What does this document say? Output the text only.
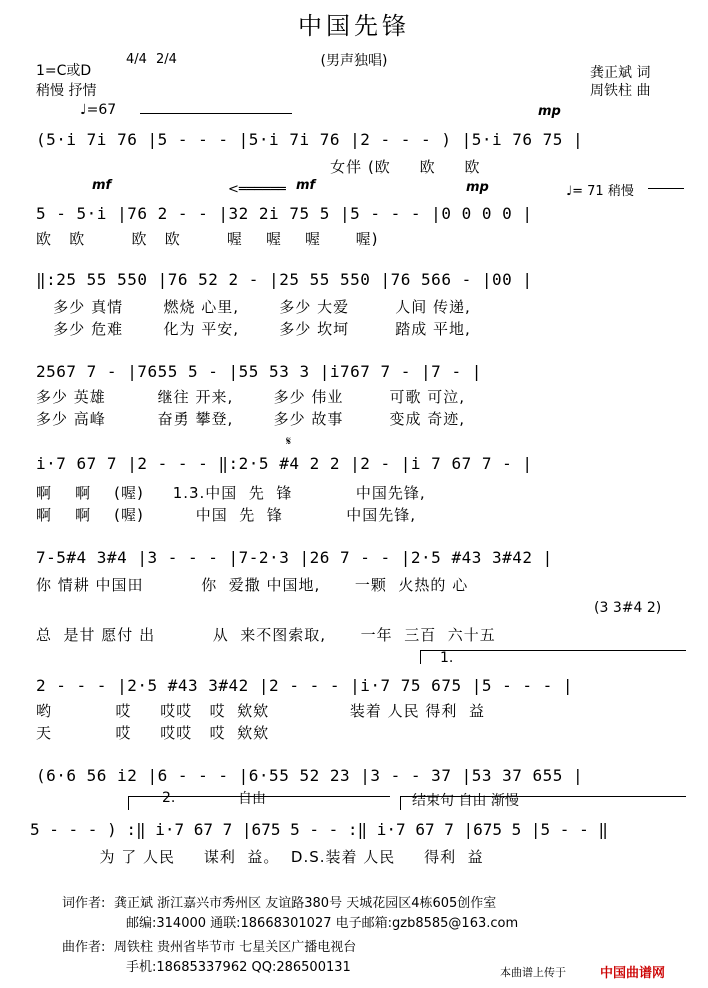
中国先锋
(男声独唱)
1=C或D
4/4 2/4
稍慢 抒情
龚正斌 词
周铁柱 曲
♩=67
(5·i 7i 76 |5 - - - |5·i 7i 76 |2 - - - ) |5·i 76 75 |
mp
女伴 (欧     欧     欧
mf	<══════ mf	mp	♩= 71 稍慢
5 - 5·i |76 2 - - |32 2i 75 5 |5 - - - |0 0 0 0 |
欧   欧        欧   欧        喔    喔    喔      喔)
‖:25 55 550 |76 52 2 - |25 55 550 |76 566 - |00 |
多少 真情       燃烧 心里,       多少 大爱        人间 传递,
多少 危难       化为 平安,       多少 坎坷        踏成 平地,
2567 7 - |7655 5 - |55 53 3 |i767 7 - |7 - |
多少 英雄         继往 开来,       多少 伟业        可歌 可泣,
多少 高峰         奋勇 攀登,       多少 故事        变成 奇迹,
𝄋
i·7 67 7 |2 - - - ‖:2·5 #4 2 2 |2 - |i 7 67 7 - |
啊    啊    (喔)     1.3.中国  先  锋           中国先锋,
啊    啊    (喔)         中国  先  锋           中国先锋,
7-5#4 3#4 |3 - - - |7-2·3 |26 7 - - |2·5 #43 3#42 |
你 情耕 中国田          你  爱撒 中国地,      一颗  火热的 心
(3 3#4 2)
总  是甘 愿付 出          从  来不图索取,      一年  三百  六十五
1.
2 - - - |2·5 #43 3#42 |2 - - - |i·7 75 675 |5 - - - |
哟           哎     哎哎   哎  欸欸              装着 人民 得利  益
天           哎     哎哎   哎  欸欸
(6·6 56 i2 |6 - - - |6·55 52 23 |3 - - 37 |53 37 655 |
2.	自由	结束句 自由 渐慢
5 - - - ) :‖ i·7 67 7 |675 5 - - :‖ i·7 67 7 |675 5 |5 - - ‖
为 了 人民     谋利  益。  D.S.装着 人民     得利  益
词作者: 龚正斌 浙江嘉兴市秀州区 友谊路380号 天城花园区4栋605创作室
邮编:314000 通联:18668301027 电子邮箱:gzb8585@163.com
曲作者: 周铁柱 贵州省毕节市 七星关区广播电视台
手机:18685337962 QQ:286500131	本曲谱上传于	中国曲谱网
